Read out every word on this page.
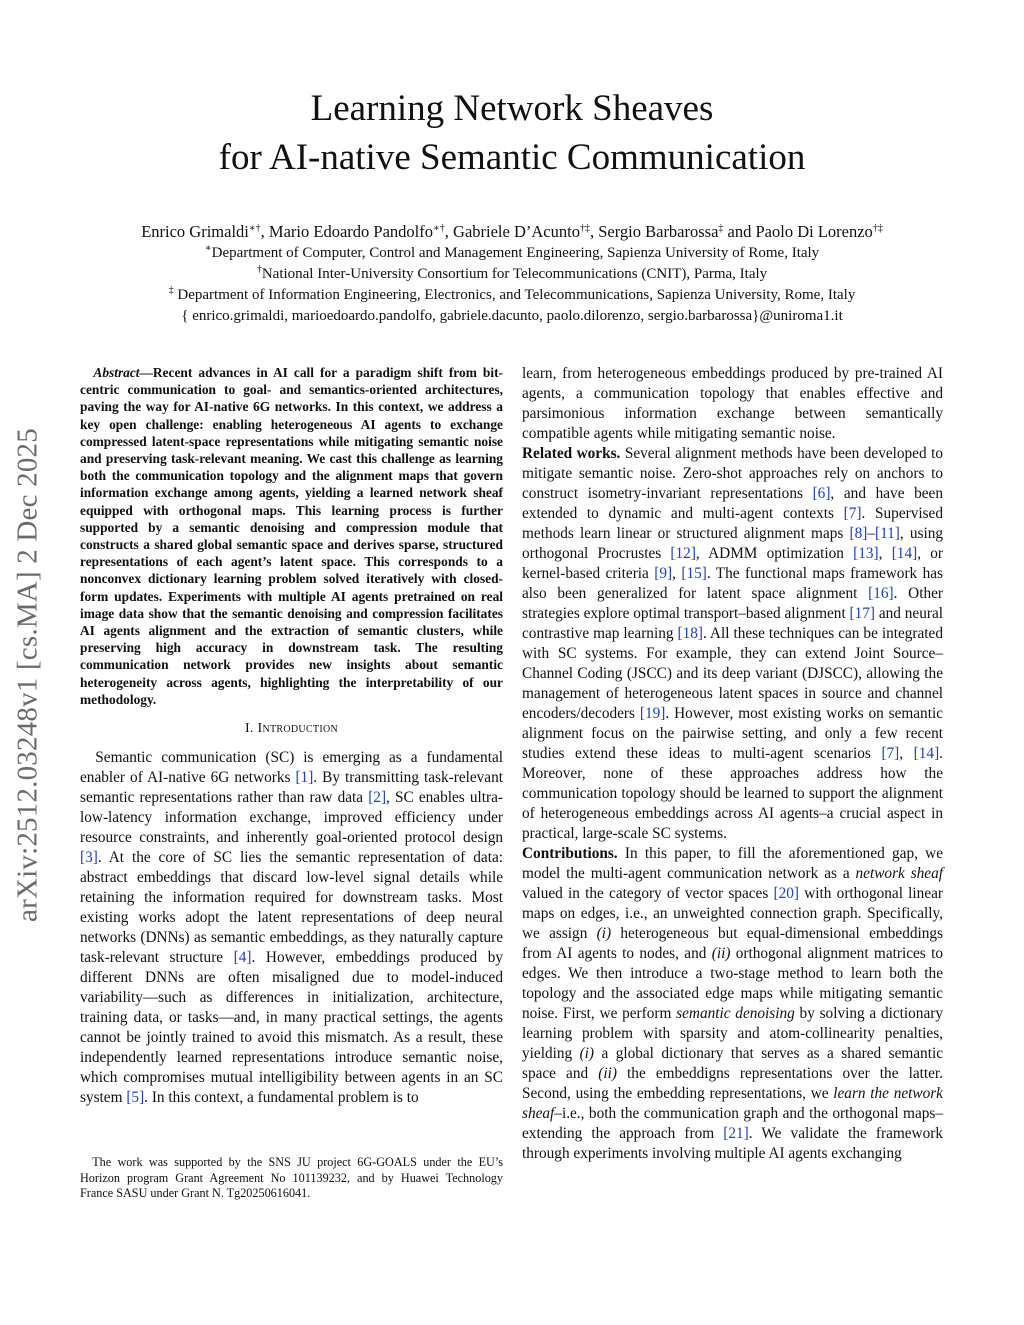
Learning Network Sheaves
for AI-native Semantic Communication
Enrico Grimaldi∗†, Mario Edoardo Pandolfo∗†, Gabriele D’Acunto†‡, Sergio Barbarossa‡ and Paolo Di Lorenzo†‡
∗Department of Computer, Control and Management Engineering, Sapienza University of Rome, Italy
†National Inter-University Consortium for Telecommunications (CNIT), Parma, Italy
‡ Department of Information Engineering, Electronics, and Telecommunications, Sapienza University, Rome, Italy
{ enrico.grimaldi, marioedoardo.pandolfo, gabriele.dacunto, paolo.dilorenzo, sergio.barbarossa}@uniroma1.it
arXiv:2512.03248v1 [cs.MA] 2 Dec 2025

Abstract—Recent advances in AI call for a paradigm shift from bit-centric communication to goal- and semantics-oriented architectures, paving the way for AI-native 6G networks. In this context, we address a key open challenge: enabling heterogeneous AI agents to exchange compressed latent-space representations while mitigating semantic noise and preserving task-relevant meaning. We cast this challenge as learning both the communication topology and the alignment maps that govern information exchange among agents, yielding a learned network sheaf equipped with orthogonal maps. This learning process is further supported by a semantic denoising and compression module that constructs a shared global semantic space and derives sparse, structured representations of each agent’s latent space. This corresponds to a nonconvex dictionary learning problem solved iteratively with closed-form updates. Experiments with multiple AI agents pretrained on real image data show that the semantic denoising and compression facilitates AI agents alignment and the extraction of semantic clusters, while preserving high accuracy in downstream task. The resulting communication network provides new insights about semantic heterogeneity across agents, highlighting the interpretability of our methodology.

I. Introduction

Semantic communication (SC) is emerging as a fundamental enabler of AI-native 6G networks [1]. By transmitting task-relevant semantic representations rather than raw data [2], SC enables ultra-low-latency information exchange, improved efficiency under resource constraints, and inherently goal-oriented protocol design [3]. At the core of SC lies the semantic representation of data: abstract embeddings that discard low-level signal details while retaining the information required for downstream tasks. Most existing works adopt the latent representations of deep neural networks (DNNs) as semantic embeddings, as they naturally capture task-relevant structure [4]. However, embeddings produced by different DNNs are often misaligned due to model-induced variability—such as differences in initialization, architecture, training data, or tasks—and, in many practical settings, the agents cannot be jointly trained to avoid this mismatch. As a result, these independently learned representations introduce semantic noise, which compromises mutual intelligibility between agents in an SC system [5]. In this context, a fundamental problem is to

The work was supported by the SNS JU project 6G-GOALS under the EU’s Horizon program Grant Agreement No 101139232, and by Huawei Technology France SASU under Grant N. Tg20250616041.

learn, from heterogeneous embeddings produced by pre-trained AI agents, a communication topology that enables effective and parsimonious information exchange between semantically compatible agents while mitigating semantic noise.

Related works. Several alignment methods have been developed to mitigate semantic noise. Zero-shot approaches rely on anchors to construct isometry-invariant representations [6], and have been extended to dynamic and multi-agent contexts [7]. Supervised methods learn linear or structured alignment maps [8]–[11], using orthogonal Procrustes [12], ADMM optimization [13], [14], or kernel-based criteria [9], [15]. The functional maps framework has also been generalized for latent space alignment [16]. Other strategies explore optimal transport–based alignment [17] and neural contrastive map learning [18]. All these techniques can be integrated with SC systems. For example, they can extend Joint Source–Channel Coding (JSCC) and its deep variant (DJSCC), allowing the management of heterogeneous latent spaces in source and channel encoders/decoders [19]. However, most existing works on semantic alignment focus on the pairwise setting, and only a few recent studies extend these ideas to multi-agent scenarios [7], [14]. Moreover, none of these approaches address how the communication topology should be learned to support the alignment of heterogeneous embeddings across AI agents–a crucial aspect in practical, large-scale SC systems.

Contributions. In this paper, to fill the aforementioned gap, we model the multi-agent communication network as a network sheaf valued in the category of vector spaces [20] with orthogonal linear maps on edges, i.e., an unweighted connection graph. Specifically, we assign (i) heterogeneous but equal-dimensional embeddings from AI agents to nodes, and (ii) orthogonal alignment matrices to edges. We then introduce a two-stage method to learn both the topology and the associated edge maps while mitigating semantic noise. First, we perform semantic denoising by solving a dictionary learning problem with sparsity and atom-collinearity penalties, yielding (i) a global dictionary that serves as a shared semantic space and (ii) the embeddigns representations over the latter. Second, using the embedding representations, we learn the network sheaf–i.e., both the communication graph and the orthogonal maps–extending the approach from [21]. We validate the framework through experiments involving multiple AI agents exchanging
